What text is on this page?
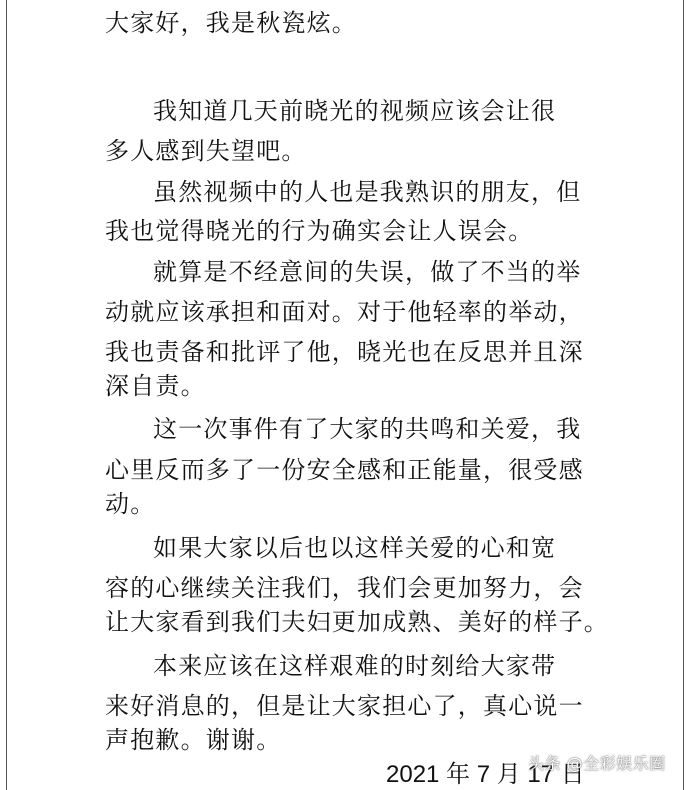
大家好，我是秋瓷炫。
我知道几天前晓光的视频应该会让很
多人感到失望吧。
虽然视频中的人也是我熟识的朋友，但
我也觉得晓光的行为确实会让人误会。
就算是不经意间的失误，做了不当的举
动就应该承担和面对。对于他轻率的举动，
我也责备和批评了他，晓光也在反思并且深
深自责。
这一次事件有了大家的共鸣和关爱，我
心里反而多了一份安全感和正能量，很受感
动。
如果大家以后也以这样关爱的心和宽
容的心继续关注我们，我们会更加努力，会
让大家看到我们夫妇更加成熟、美好的样子。
本来应该在这样艰难的时刻给大家带
来好消息的，但是让大家担心了，真心说一
声抱歉。谢谢。
2021 年 7 月 17 日
头条 @全彩娱乐圈
